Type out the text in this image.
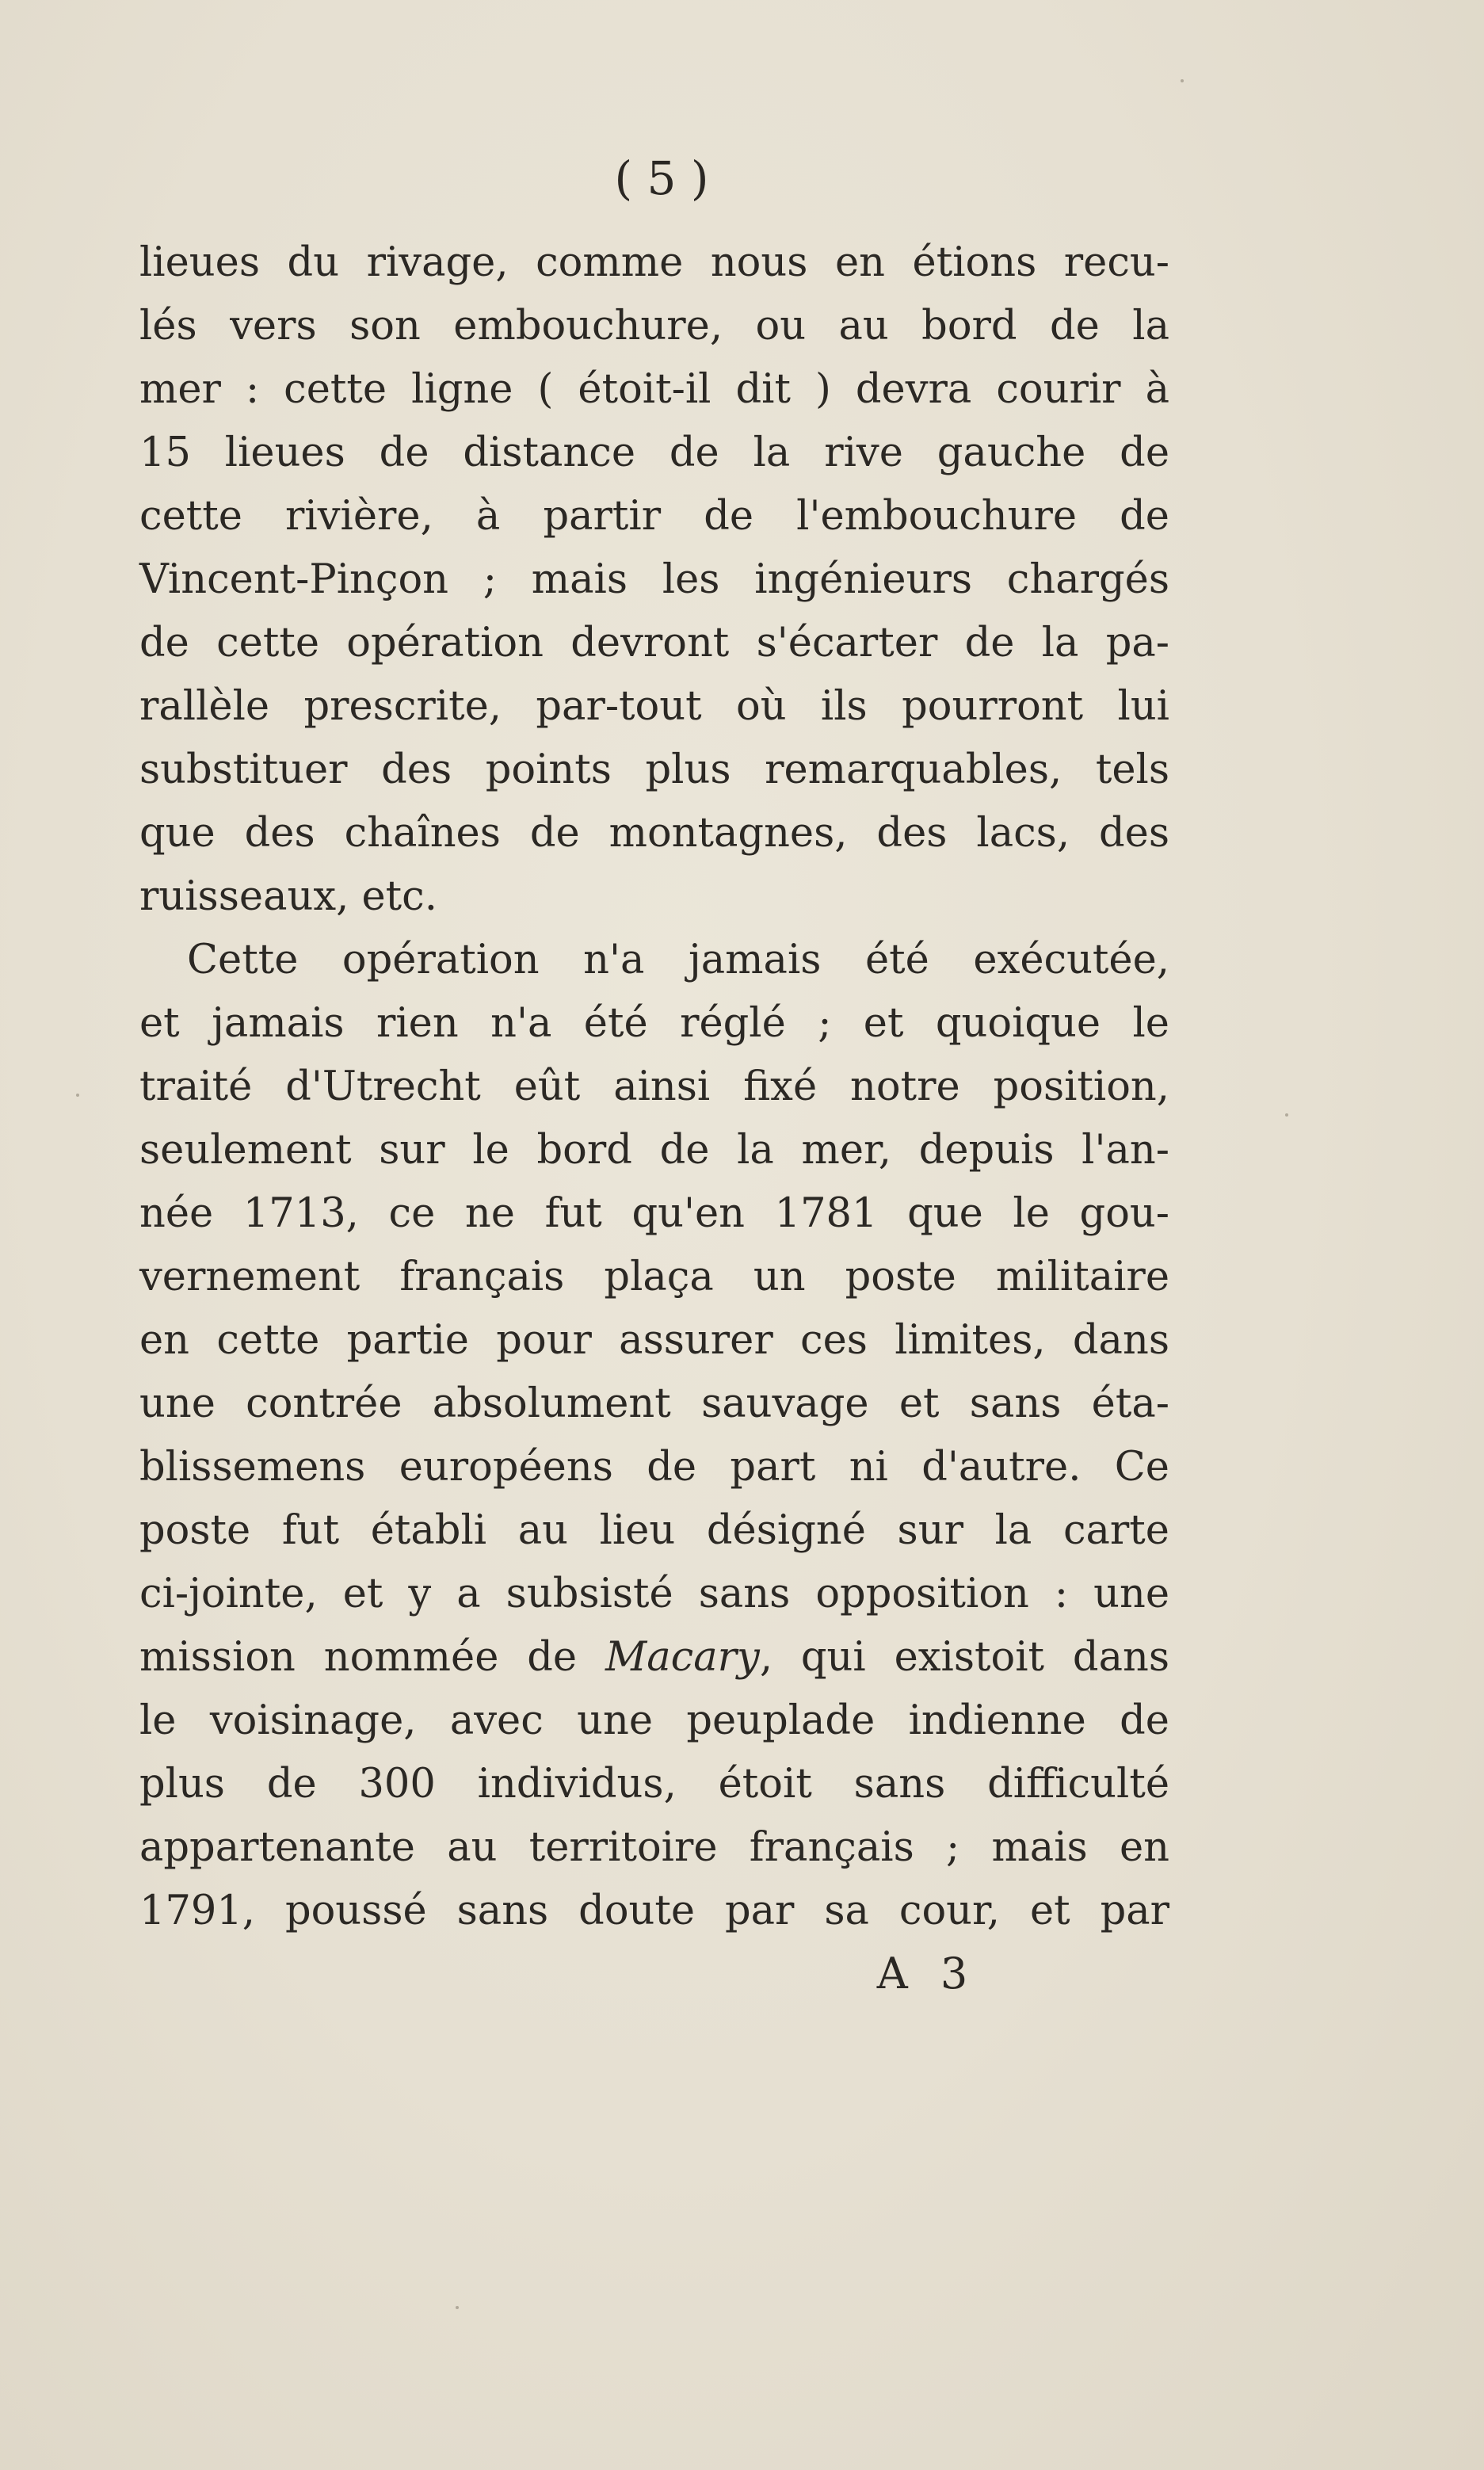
( 5 )
lieues du rivage, comme nous en étions recu-
lés vers son embouchure, ou au bord de la
mer : cette ligne ( étoit-il dit ) devra courir à
15 lieues de distance de la rive gauche de
cette rivière, à partir de l'embouchure de
Vincent-Pinçon ; mais les ingénieurs chargés
de cette opération devront s'écarter de la pa-
rallèle prescrite, par-tout où ils pourront lui
substituer des points plus remarquables, tels
que des chaînes de montagnes, des lacs, des
ruisseaux, etc.
Cette opération n'a jamais été exécutée,
et jamais rien n'a été réglé ; et quoique le
traité d'Utrecht eût ainsi fixé notre position,
seulement sur le bord de la mer, depuis l'an-
née 1713, ce ne fut qu'en 1781 que le gou-
vernement français plaça un poste militaire
en cette partie pour assurer ces limites, dans
une contrée absolument sauvage et sans éta-
blissemens européens de part ni d'autre. Ce
poste fut établi au lieu désigné sur la carte
ci-jointe, et y a subsisté sans opposition : une
mission nommée de Macary, qui existoit dans
le voisinage, avec une peuplade indienne de
plus de 300 individus, étoit sans difficulté
appartenante au territoire français ; mais en
1791, poussé sans doute par sa cour, et par
A 3
